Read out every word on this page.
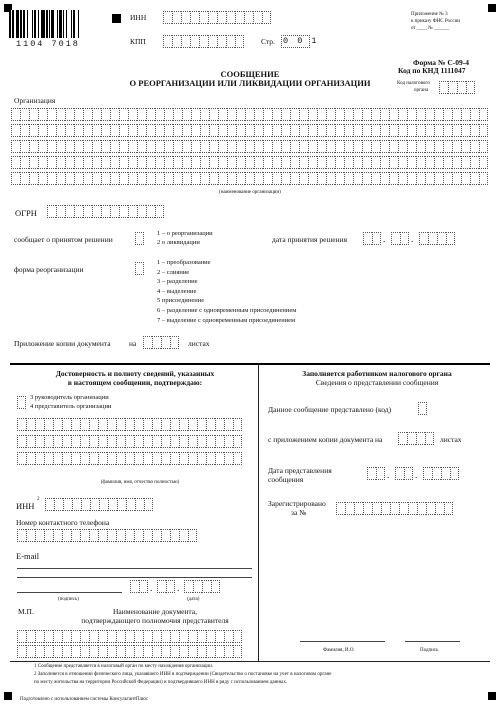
1104 7018
ИНН
КПП	Стр. 0 0 1
Приложение № 3
к приказу ФНС России
от ____ № ______
Форма № С-09-4
Код по КНД 1111047
Код налогового
органа
СООБЩЕНИЕ
О РЕОРГАНИЗАЦИИ ИЛИ ЛИКВИДАЦИИ ОРГАНИЗАЦИИ
Организация
(наименование организации)
ОГРН
сообщает о принятом решении
1 – о реорганизации
2 о ликвидации	дата принятия решения	.	.
форма реорганизации
1 – преобразование
2 – слияние
3 – разделение
4 – выделение
5 присоединение
6 – разделение с одновременным присоединением
7 – выделение с одновременным присоединением
Приложение копии документа на	листах
Достоверность и полноту сведений, указанных
в настоящем сообщении, подтверждаю:
3 руководитель организации
4 представитель организации
(фамилия, имя, отчество полностью)
ИНН
2
Номер контактного телефона
E-mail
(подпись)
.	.
(дата)
М.П.	Наименование документа,
подтверждающего полномочия представителя
Заполняется работником налогового органа
Сведения о представлении сообщения
Данное сообщение представлено (код)
с приложением копии документа на	листах
Дата представления
сообщения	.	.
Зарегистрировано
за №
Фамилия, И.О.	Подпись
1 Сообщение представляется в налоговый орган по месту нахождения организации.
2 Заполняется в отношении физического лица, указавшего ИНН в подтверждении (Свидетельство о постановке на учет в налоговом органе
по месту жительства на территории Российской Федерации) и подтвердившего ИНН в ряду с использованием данных.
Подготовлено с использованием системы КонсультантПлюс
